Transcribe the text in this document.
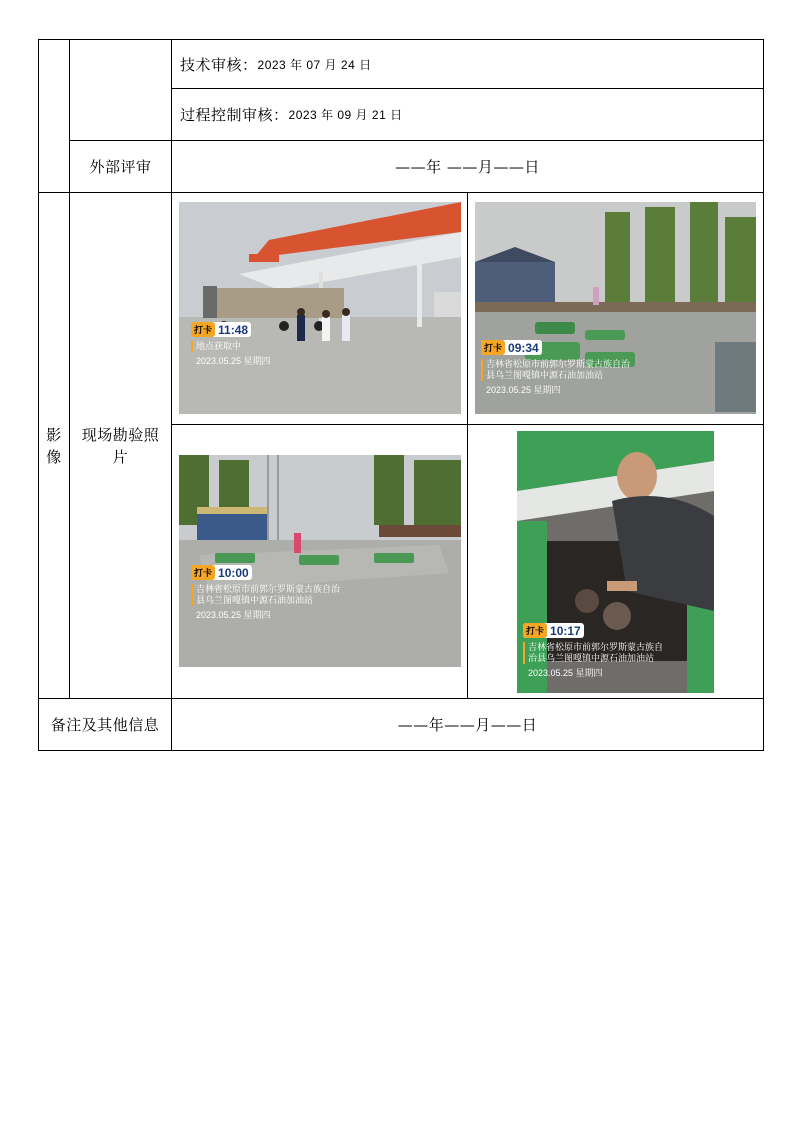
技术审核： 2023 年 07 月 24 日
过程控制审核： 2023 年 09 月 21 日
外部评审	——年 ——月——日
影像
现场勘验照片
打卡 11:48
地点获取中
2023.05.25 星期四
打卡 09:34
吉林省松原市前郭尔罗斯蒙古族自治县乌兰图嘎镇中源石油加油站
2023.05.25 星期四
打卡 10:00
吉林省松原市前郭尔罗斯蒙古族自治县乌兰图嘎镇中源石油加油站
2023.05.25 星期四
打卡 10:17
吉林省松原市前郭尔罗斯蒙古族自治县乌兰图嘎镇中源石油加油站
2023.05.25 星期四
备注及其他信息	——年——月——日
